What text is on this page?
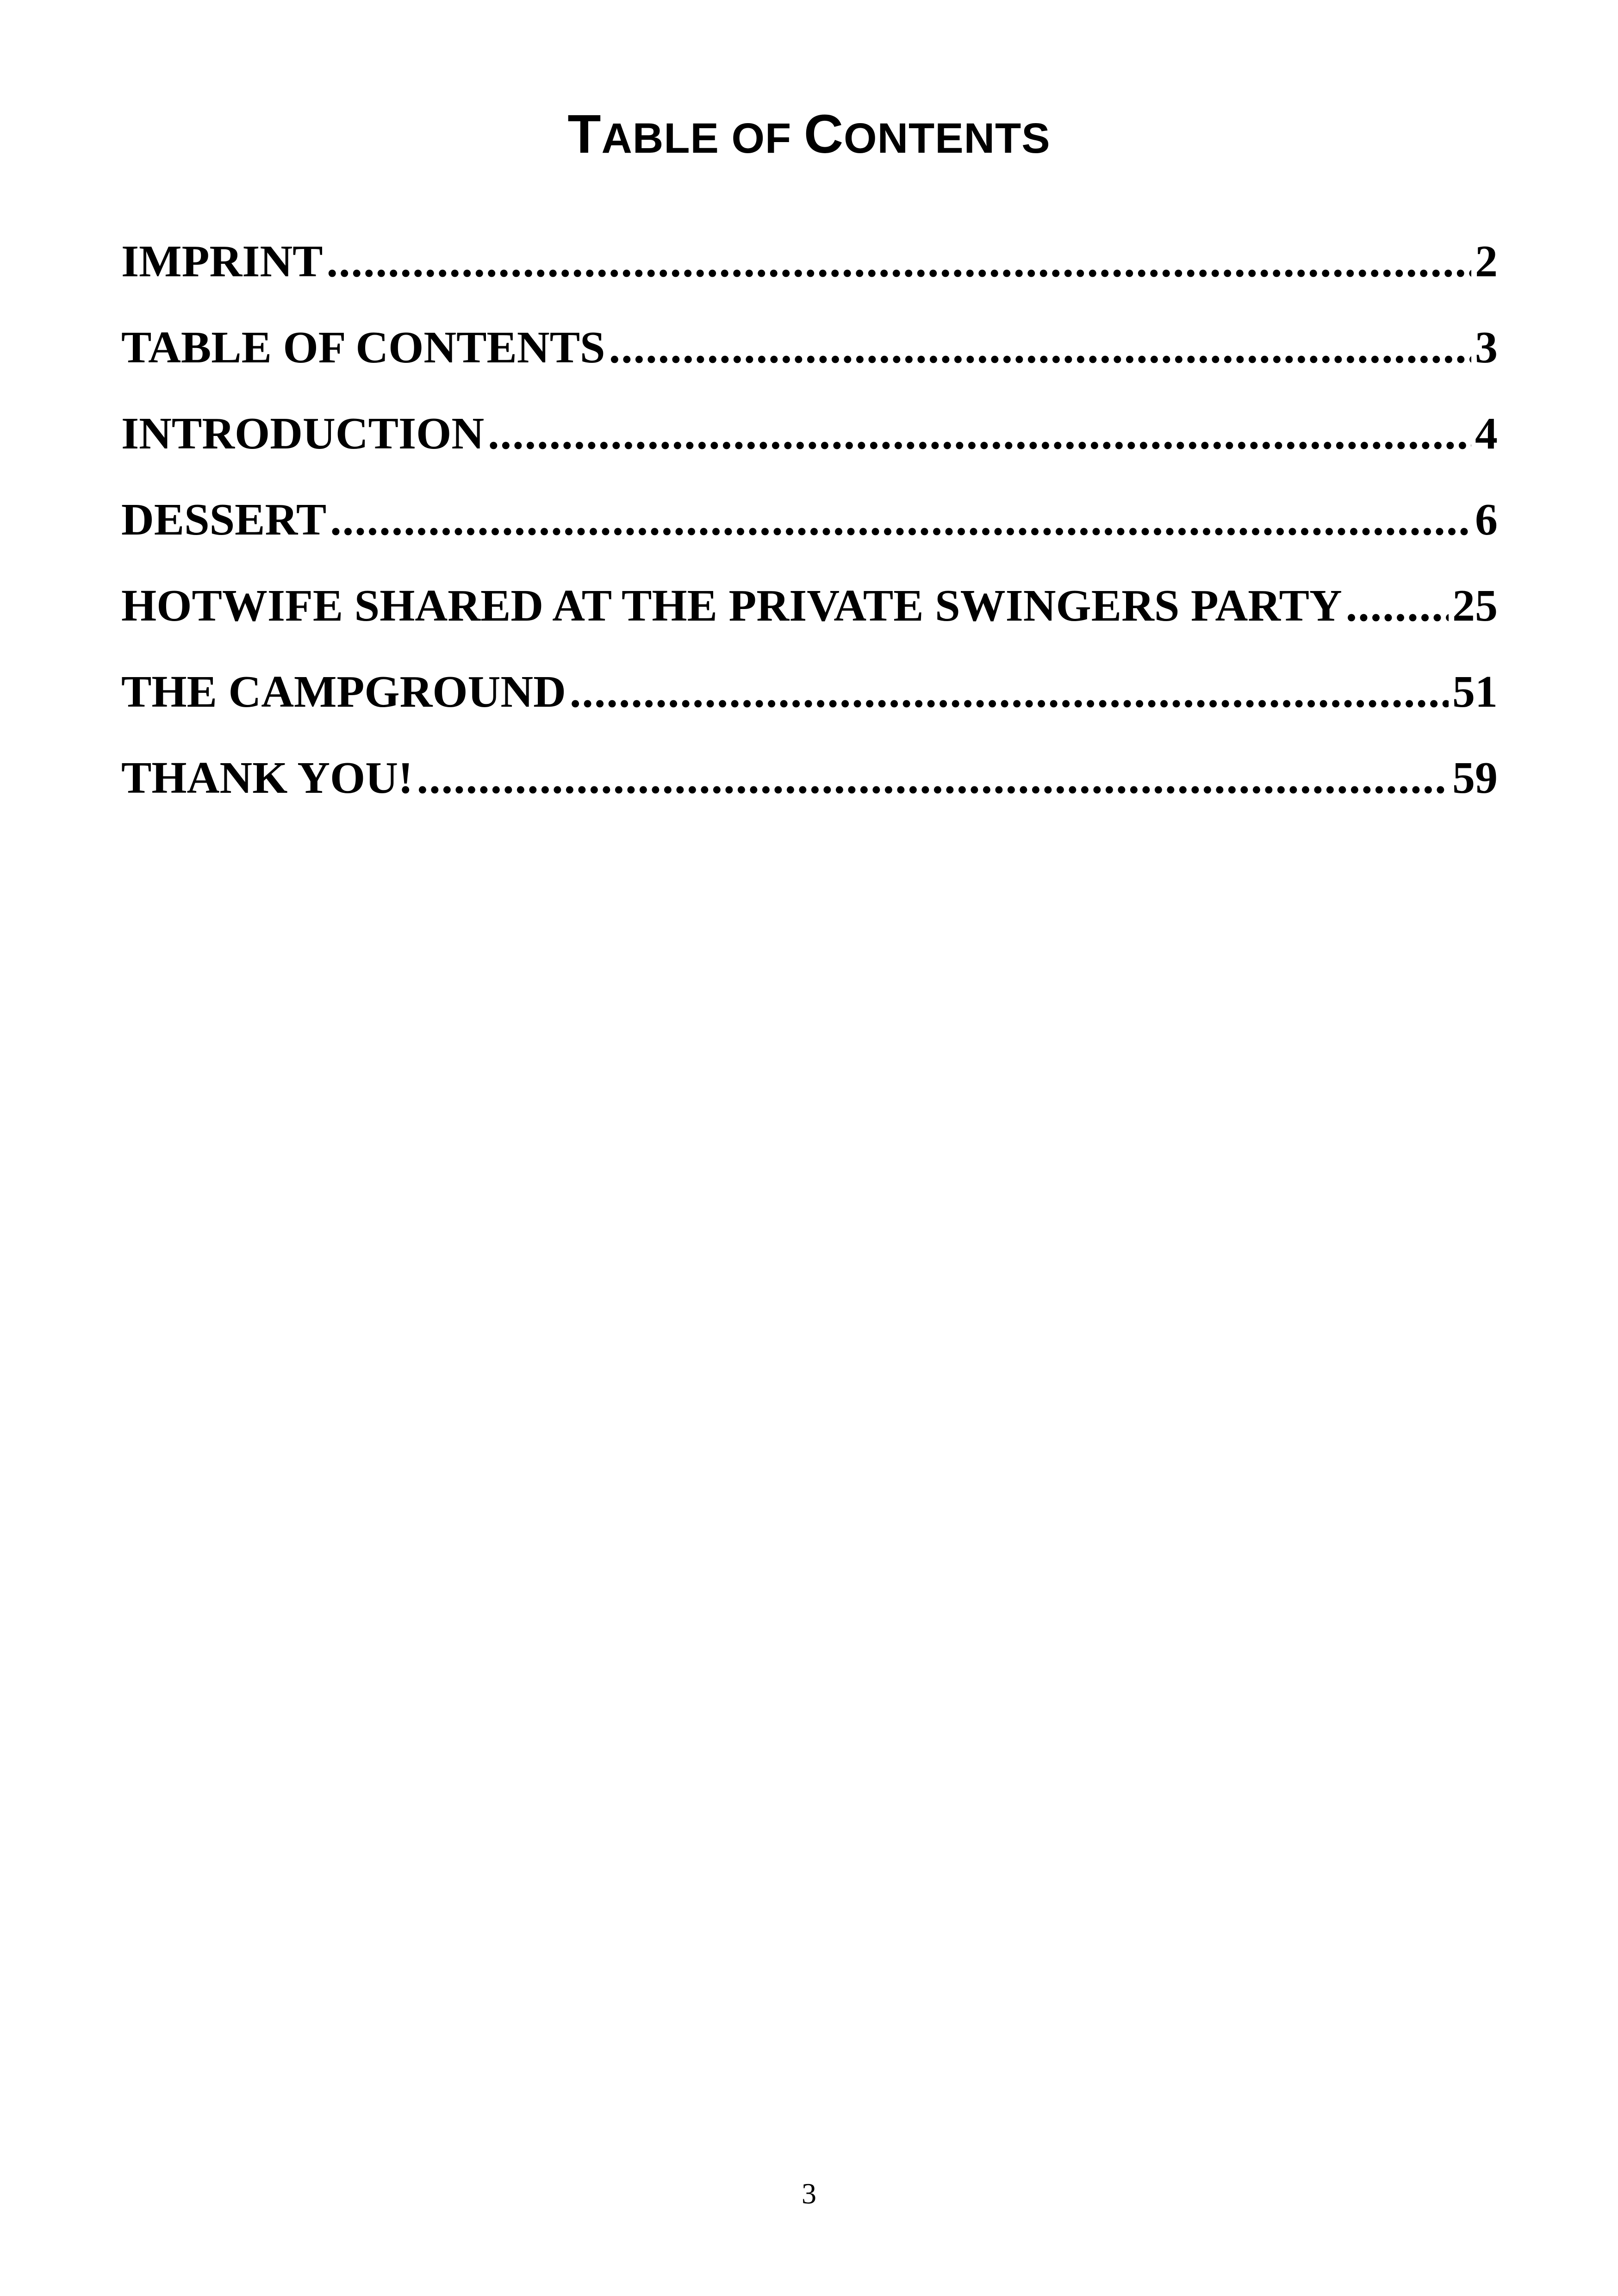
TABLE OF CONTENTS
IMPRINT .....	2
TABLE OF CONTENTS .....	3
INTRODUCTION .....	4
DESSERT .....	6
HOTWIFE SHARED AT THE PRIVATE SWINGERS PARTY ..... 25
THE CAMPGROUND .....	51
THANK YOU! .....	59
3
